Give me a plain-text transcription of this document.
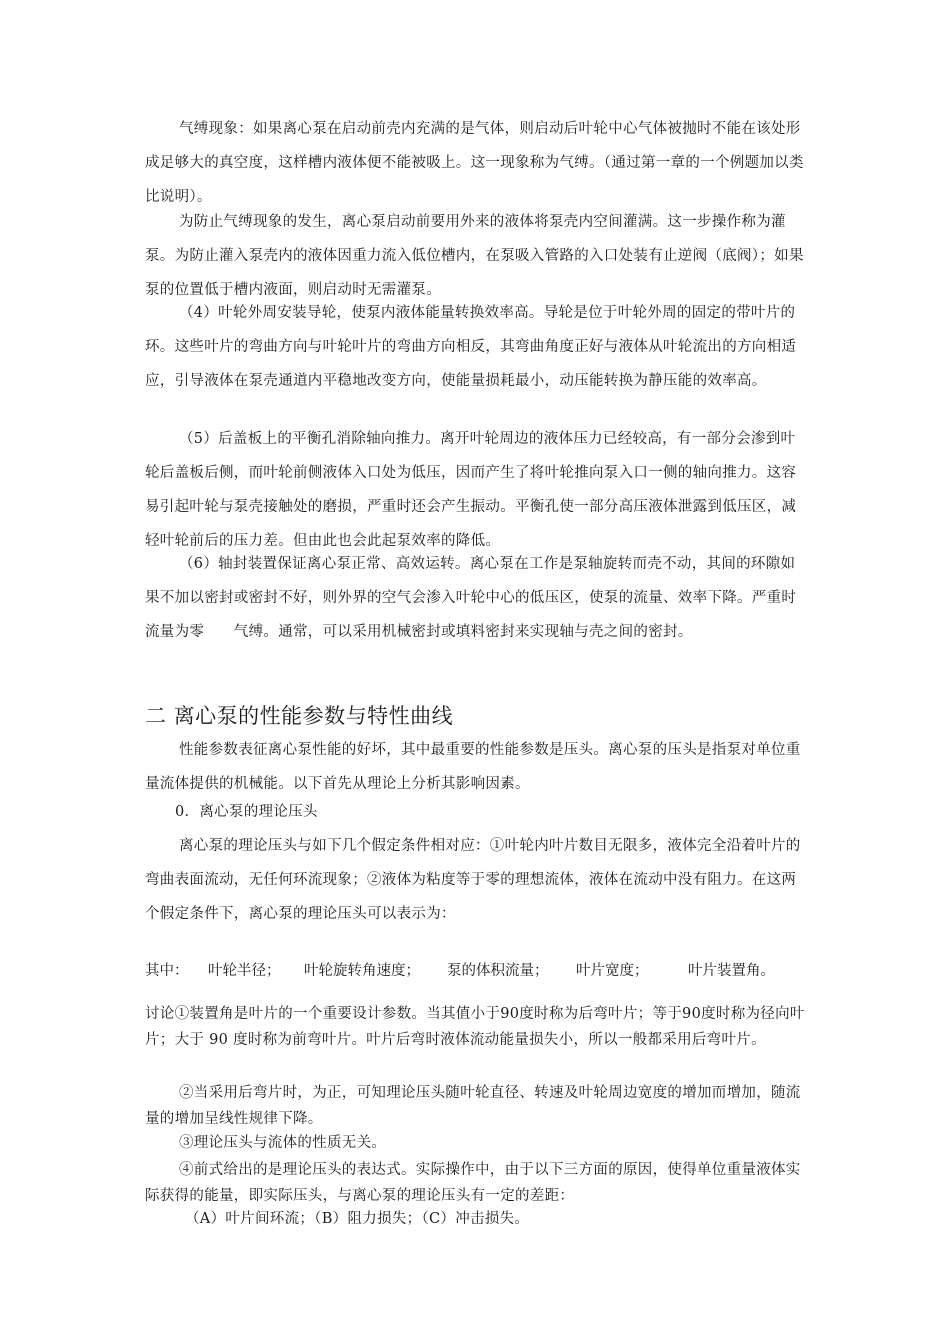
气缚现象：如果离心泵在启动前壳内充满的是气体，则启动后叶轮中心气体被抛时不能在该处形成足够大的真空度，这样槽内液体便不能被吸上。这一现象称为气缚。（通过第一章的一个例题加以类比说明）。

为防止气缚现象的发生，离心泵启动前要用外来的液体将泵壳内空间灌满。这一步操作称为灌泵。为防止灌入泵壳内的液体因重力流入低位槽内，在泵吸入管路的入口处装有止逆阀（底阀）；如果泵的位置低于槽内液面，则启动时无需灌泵。

（4）叶轮外周安装导轮，使泵内液体能量转换效率高。导轮是位于叶轮外周的固定的带叶片的环。这些叶片的弯曲方向与叶轮叶片的弯曲方向相反，其弯曲角度正好与液体从叶轮流出的方向相适应，引导液体在泵壳通道内平稳地改变方向，使能量损耗最小，动压能转换为静压能的效率高。

（5）后盖板上的平衡孔消除轴向推力。离开叶轮周边的液体压力已经较高，有一部分会渗到叶轮后盖板后侧，而叶轮前侧液体入口处为低压，因而产生了将叶轮推向泵入口一侧的轴向推力。这容易引起叶轮与泵壳接触处的磨损，严重时还会产生振动。平衡孔使一部分高压液体泄露到低压区，减轻叶轮前后的压力差。但由此也会此起泵效率的降低。

（6）轴封装置保证离心泵正常、高效运转。离心泵在工作是泵轴旋转而壳不动，其间的环隙如果不加以密封或密封不好，则外界的空气会渗入叶轮中心的低压区，使泵的流量、效率下降。严重时流量为零　　气缚。通常，可以采用机械密封或填料密封来实现轴与壳之间的密封。

二 离心泵的性能参数与特性曲线

性能参数表征离心泵性能的好坏，其中最重要的性能参数是压头。离心泵的压头是指泵对单位重量流体提供的机械能。以下首先从理论上分析其影响因素。

0．离心泵的理论压头

离心泵的理论压头与如下几个假定条件相对应：①叶轮内叶片数目无限多，液体完全沿着叶片的弯曲表面流动，无任何环流现象；②液体为粘度等于零的理想流体，液体在流动中没有阻力。在这两个假定条件下，离心泵的理论压头可以表示为：

其中： 叶轮半径； 叶轮旋转角速度； 泵的体积流量； 叶片宽度；	叶片装置角。

讨论①装置角是叶片的一个重要设计参数。当其值小于90度时称为后弯叶片；等于90度时称为径向叶片；大于 90 度时称为前弯叶片。叶片后弯时液体流动能量损失小，所以一般都采用后弯叶片。

②当采用后弯片时，为正，可知理论压头随叶轮直径、转速及叶轮周边宽度的增加而增加，随流量的增加呈线性规律下降。

③理论压头与流体的性质无关。

④前式给出的是理论压头的表达式。实际操作中，由于以下三方面的原因，使得单位重量液体实际获得的能量，即实际压头，与离心泵的理论压头有一定的差距：

（A）叶片间环流；（B）阻力损失；（C）冲击损失。
